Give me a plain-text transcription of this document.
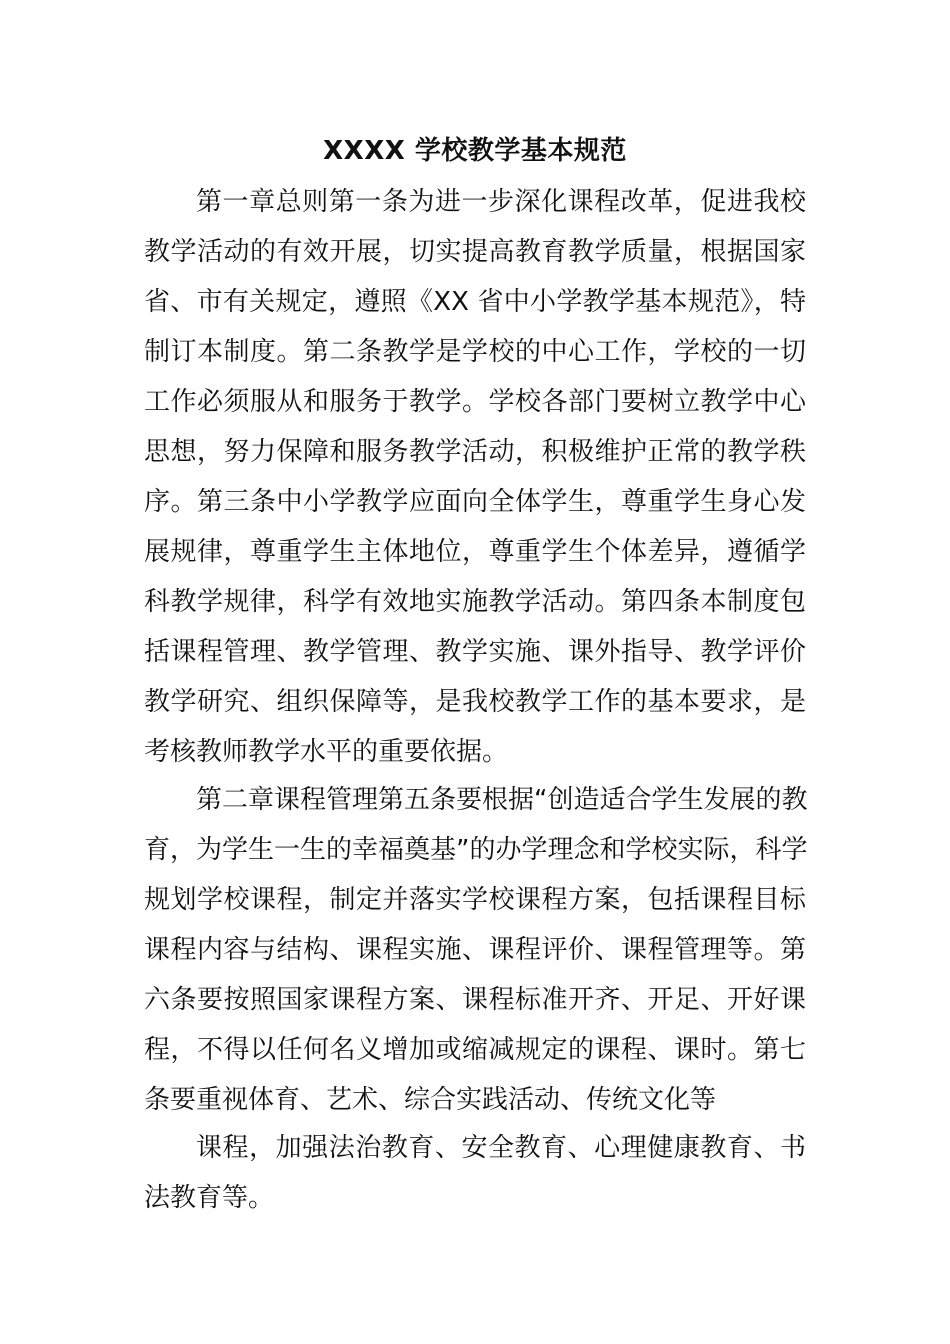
XXXX 学校教学基本规范
第一章总则第一条为进一步深化课程改革，促进我校
教学活动的有效开展，切实提高教育教学质量，根据国家
省、市有关规定，遵照《XX 省中小学教学基本规范》，特
制订本制度。第二条教学是学校的中心工作，学校的一切
工作必须服从和服务于教学。学校各部门要树立教学中心
思想，努力保障和服务教学活动，积极维护正常的教学秩
序。第三条中小学教学应面向全体学生，尊重学生身心发
展规律，尊重学生主体地位，尊重学生个体差异，遵循学
科教学规律，科学有效地实施教学活动。第四条本制度包
括课程管理、教学管理、教学实施、课外指导、教学评价
教学研究、组织保障等，是我校教学工作的基本要求，是
考核教师教学水平的重要依据。
第二章课程管理第五条要根据“创造适合学生发展的教
育，为学生一生的幸福奠基”的办学理念和学校实际，科学
规划学校课程，制定并落实学校课程方案，包括课程目标
课程内容与结构、课程实施、课程评价、课程管理等。第
六条要按照国家课程方案、课程标准开齐、开足、开好课
程，不得以任何名义增加或缩减规定的课程、课时。第七
条要重视体育、艺术、综合实践活动、传统文化等
课程，加强法治教育、安全教育、心理健康教育、书
法教育等。
